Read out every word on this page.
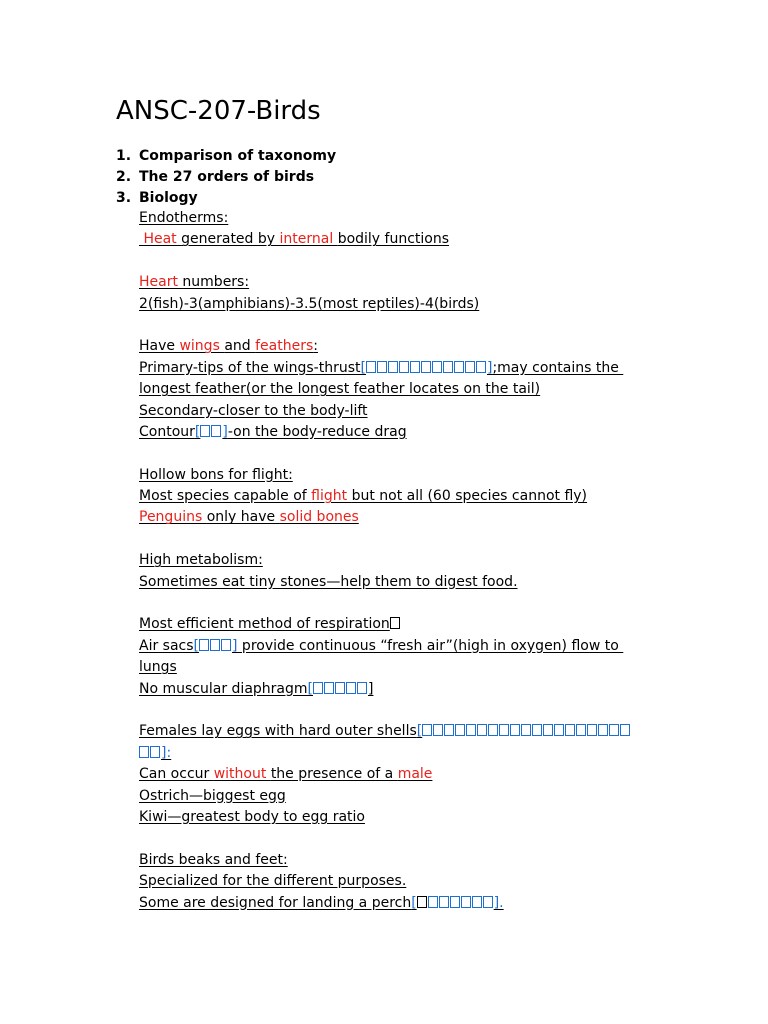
ANSC-207-Birds
1. Comparison of taxonomy
2. The 27 orders of birds
3. Biology
Endotherms:
Heat generated by internal bodily functions
Heart numbers:
2(fish)-3(amphibians)-3.5(most reptiles)-4(birds)
Have wings and feathers:
Primary-tips of the wings-thrust[	];may contains the
longest feather(or the longest feather locates on the tail)
Secondary-closer to the body-lift
Contour[ ]-on the body-reduce drag
Hollow bons for flight:
Most species capable of flight but not all (60 species cannot fly)
Penguins only have solid bones
High metabolism:
Sometimes eat tiny stones—help them to digest food.
Most efficient method of respiration
Air sacs[ ] provide continuous “fresh air”(high in oxygen) flow to
lungs
No muscular diaphragm[	]
Females lay eggs with hard outer shells[
]:
Can occur without the presence of a male
Ostrich—biggest egg
Kiwi—greatest body to egg ratio
Birds beaks and feet:
Specialized for the different purposes.
Some are designed for landing a perch[	].
